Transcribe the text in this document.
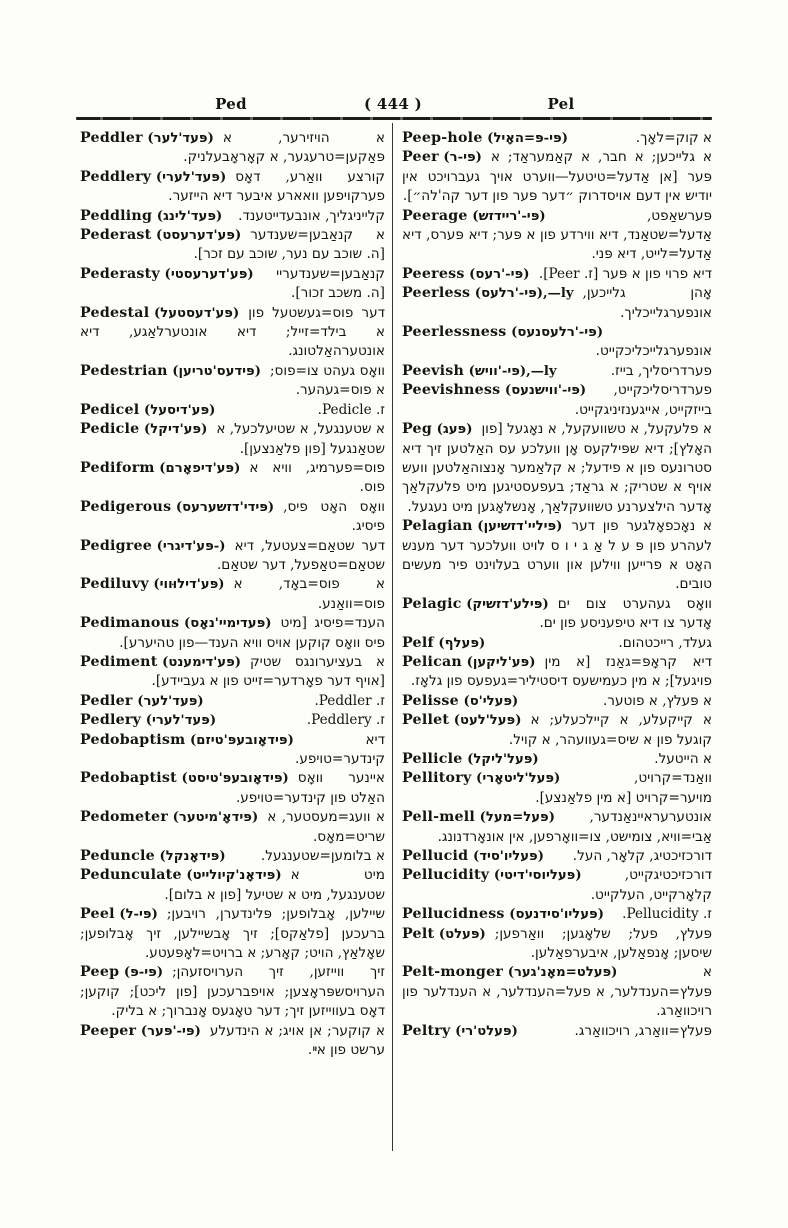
Ped	( 444 )	Pel

Peddler (פּעד'לער) א הויזירער, א פּאַקען=טרעגער, א קאָראָבעלניק.

Peddlery (פּעד'לערי) קורצע וואַרע, דאָס פערקויפען וואארע איבער דיא הייזער.

Peddling (פּעד'לינג) קלייניגליך, אונבעדייטענד.

Pederast (פּע'דערעסט) א קנאַבען=שענדער [ה. שוכב עם נער, שוכב עם זכר].

Pederasty (פּע'דערעסטי) קנאַבען=שענדעריי [ה. משכב זכור].

Pedestal (פּע'דעסטעל) דער פוס=געשטעל פון א בילד=זייל; דיא אונטערלאַגע, דיא אונטערהאַלטונג.

Pedestrian (פּידעס'טריען) וואָס געהט צו=פוס; א פוס=געהער.

Pedicel (פּע'דיסעל)	ז. Pedicle.

Pedicle (פּע'דיקל) א שטענגעל, א שטיעלכעל, א שטאַנגעל [פון פלאַנצען].

Pediform (פּע'דיפאָרם) פוס=פערמיג, וויא א פוס.

Pedigerous (פּידי'דזשערעס) וואָס האָט פיס, פיסיג.

Pedigree (פּע'דיגרי-) דער שטאַם=צעטעל, דיא שטאַם=טאַפעל, דער שטאַם.

Pediluvy (פּע'דילוּווי) א פוס=באָד, א פוס=וואַנע.

Pedimanous (פּעדימיי'נאָס) הענד=פיסיג [מיט פיס וואָס קוקען אויס וויא הענד—פון טהיערע].

Pediment (פּע'דימענט) א בעציערונגס שטיק [אויף דער פאָרדער=זייט פון א געביידע].

Pedler (פּעד'לער)	ז. Peddler.

Pedlery (פּעד'לערי)	ז. Peddlery.

Pedobaptism (פּידאָובעפּ'טיזם)	דיא קינדער=טויפע.

Pedobaptist (פּידאָובעפּ'טיסט) איינער וואָס האַלט פון קינדער=טויפע.

Pedometer (פּידאָ'מיטער) א וועג=מעסטער, א שריט=מאָס.

Peduncle (פּידאָנקל)	א בלומען=שטענגעל.

Pedunculate (פּידאָנ'קיולייט) מיט א שטענגעל, מיט א שטיעל [פון א בלום].

Peel (פּי-ל) שיילען, אָבלופען; פּלינדערן, רויבען; ברעכען [פלאַקס]; זיך אָבשיילען, זיך אָבלופען; שאָלאַץ, הויט; קאָרע; א ברויט=לאָפּעטע.

Peep (פּי-פּ) זיך ווייזען, זיך הערויסזעהן; הערויסשפּראָצען; אויפברעכען [פון ליכט]; קוקען; דאָס בעווייזען זיך; דער טאָגעס אָנברוך; א בליק.

Peeper (פּי-'פּער) א קוקער; אן אויג; א הינדעלע ערשט פון אײ.

Peep-hole (פּי-פּ=האָיל)	א קוק=לאָך.

Peer (פּי-ר) א גלייכען; א חבר, א קאַמעראַד; א פּער [אן אַדעל=טיטעל—ווערט אויך געברויכט אין יודיש אין דעם אויסדרוק ״דער פּער פון דער קה'לה״].

Peerage (פּי-'ריידזש)	פּערשאַפט, אַדעל=שטאַנד, דיא ווירדע פון א פּער; דיא פּערס, דיא אַדעל=לייט, דיא פּני.

Peeress (פּי-'רעס) דיא פרוי פון א פּער [ז. Peer].

Peerless (פּי-'רלעס),—ly אָהן גלייכען, אונפערגלייכליך.

Peerlessness (פּי-'רלעסנעס)
אונפערגלייכליכקייט.

Peevish (פּי-'וויש),—ly	פערדריסליך, בייז.

Peevishness (פּי-'ווישנעס) פערדריסליכקייט, בייזקייט, אייגענזיניגקייט.

Peg (פּעג) א פלעקעל, א טשוועקעל, א נאָגעל [פון האָלץ]; דיא שפּילקעס אָן וועלכע עס האַלטען זיך דיא סטרונעס פון א פידעל; א קלאַמער אָנצוהאַלטען וועש אויף א שטריק; א גראַד; בעפעסטיגען מיט פלעקלאַך אָדער הילצערנע טשוועקלאַך, אָנשלאָגען מיט נעגעל.

Pelagian (פּיליי'דזשיען) א נאָכפאָלגער פון דער לעהרע פון פּ ע ל אַ ג י ו ס לויט וועלכער דער מענש האָט א פרייען ווילען און ווערט בעלוינט פיר מעשים טובים.

Pelagic (פּילע'דזשיק) וואָס געהערט צום ים אָדער צו דיא טיפעניסע פון ים.

Pelf (פּעלף)	געלד, רייכטהום.

Pelican (פּע'ליקען) דיא קראָפּ=גאַנז [א מין פויגעל]; א מין כעמישעס דיסטיליר=געפעס פון גלאָז.

Pelisse (פּעלי'ס)	א פּעלץ, א פוטער.

Pellet (פּעל'לעט) א קייקעלע, א קיילכעלע; א קוגעל פון א שיס=געוועהר, א קויל.

Pellicle (פּעל'ליקל)	א הייטעל.

Pellitory (פּעל'ליטאָרי)	וואַנד=קרויט, מויער=קרויט [א מין פלאַנצע].

Pell-mell (פּעל=מעל)	אונטערעראיינאַנדער, אַבי=וויא, צומישט, צו=וואָרפען, אין אונאָרדנונג.

Pellucid (פּעליו'סיד) דורכזיכטיג, קלאָר, העל.

Pellucidity (פּעליוסי'דיטי)	דורכזיכטיגקייט, קלאָרקייט, העלקייט.

Pellucidness (פּעליו'סידנעס) ז. Pellucidity.

Pelt (פּעלט) פּעלץ, פעל; שלאָגען; וואַרפען; שיסען; אָנפאַלען, איבערפאַלען.

Pelt-monger (פּעלט=מאָנ'גער)	א פּעלץ=הענדלער, א פעל=הענדלער, א הענדלער פון רויכוואַרג.

Peltry (פּעלט'רי)	פּעלץ=וואַרג, רויכוואַרג.
